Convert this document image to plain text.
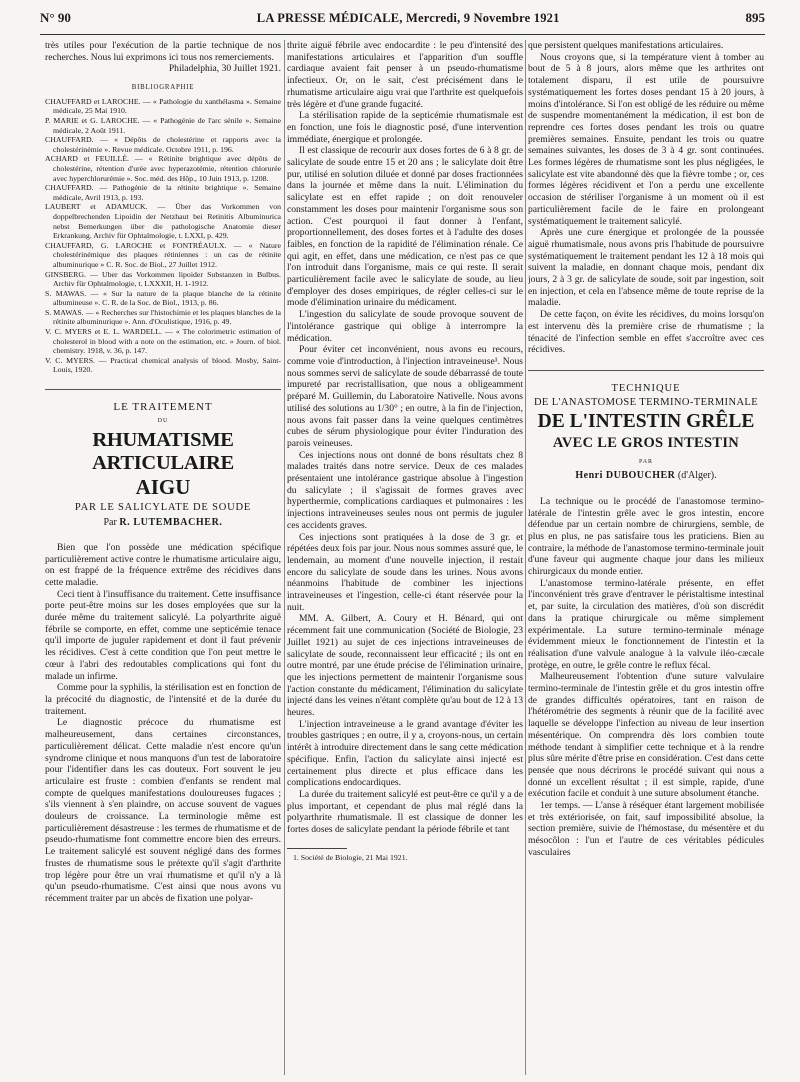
N° 90	LA PRESSE MÉDICALE, Mercredi, 9 Novembre 1921	895

très utiles pour l'exécution de la partie technique de nos recherches. Nous lui exprimons ici tous nos remerciements.

Philadelphia, 30 Juillet 1921.

BIBLIOGRAPHIE

CHAUFFARD et LAROCHE. — « Pathologie du xanthélasma ». Semaine médicale, 25 Mai 1910.

P. MARIE et G. LAROCHE. — « Pathogénie de l'arc sénile ». Semaine médicale, 2 Août 1911.

CHAUFFARD. — « Dépôts de cholestérine et rapports avec la cholestérinémie ». Revue médicale. Octobre 1911, p. 196.

ACHARD et FEUILLÉ. — « Rétinite brightique avec dépôts de cholestérine, rétention d'urée avec hyperazotémie, rétention chlorurée avec hyperchlorurémie ». Soc. méd. des Hôp., 10 Juin 1913, p. 1208.

CHAUFFARD. — Pathogénie de la rétinite brightique ». Semaine médicale, Avril 1913, p. 193.

LAUBERT et ADAMUCK. — Über das Vorkommen von doppelbrechenden Lipoidin der Netzhaut bei Retinitis Albuminurica nebst Bemerkungen über die pathologische Anatomie dieser Erkrankung. Archiv für Ophtalmologie, t. LXXI, p. 429.

CHAUFFARD, G. LAROCHE et FONTRÉAULX. — « Nature cholestérinémique des plaques rétiniennes : un cas de rétinite albuminurique » C. R. Soc. de Biol., 27 Juillet 1912.

GINSBERG. — Uber das Vorkommen lipoider Substanzen in Bulbus. Archiv für Ophtalmologie, t. LXXXII, H. 1-1912.

S. MAWAS. — « Sur la nature de la plaque blanche de la rétinite albumineuse ». C. R. de la Soc. de Biol., 1913, p. 86.

S. MAWAS. — « Recherches sur l'histochimie et les plaques blanches de la rétinite albuminurique ». Ann. d'Oculistique, 1916, p. 49.

V. C. MYERS et E. L. WARDELL. — « The colorimetric estimation of cholesterol in blood with a note on the estimation, etc. » Journ. of biol. chemistry. 1918, v. 36, p. 147.

V. C. MYERS. — Practical chemical analysis of blood. Mosby, Saint-Louis, 1920.

LE TRAITEMENT
DU
RHUMATISME ARTICULAIRE
AIGU
PAR LE SALICYLATE DE SOUDE
Par R. LUTEMBACHER.

Bien que l'on possède une médication spécifique particulièrement active contre le rhumatisme articulaire aigu, on est frappé de la fréquence extrême des récidives dans cette maladie.

Ceci tient à l'insuffisance du traitement. Cette insuffisance porte peut-être moins sur les doses employées que sur la durée même du traitement salicylé. La polyarthrite aiguë fébrile se comporte, en effet, comme une septicémie tenace qu'il importe de juguler rapidement et dont il faut prévenir les récidives. C'est à cette condition que l'on peut mettre le cœur à l'abri des redoutables complications qui font du malade un infirme.

Comme pour la syphilis, la stérilisation est en fonction de la précocité du diagnostic, de l'intensité et de la durée du traitement.

Le diagnostic précoce du rhumatisme est malheureusement, dans certaines circonstances, particulièrement délicat. Cette maladie n'est encore qu'un syndrome clinique et nous manquons d'un test de laboratoire pour l'identifier dans les cas douteux. Fort souvent le jeu articulaire est fruste : combien d'enfants se rendent mal compte de quelques manifestations douloureuses fugaces ; s'ils viennent à s'en plaindre, on accuse souvent de vagues douleurs de croissance. La terminologie même est particulièrement désastreuse : les termes de rhumatisme et de pseudo-rhumatisme font commettre encore bien des erreurs. Le traitement salicylé est souvent négligé dans des formes frustes de rhumatisme sous le prétexte qu'il s'agit d'arthrite trop légère pour être un vrai rhumatisme et qu'il n'y a là qu'un pseudo-rhumatisme. C'est ainsi que nous avons vu récemment traiter par un abcès de fixation une polyar-

thrite aiguë fébrile avec endocardite : le peu d'intensité des manifestations articulaires et l'apparition d'un souffle cardiaque avaient fait penser à un pseudo-rhumatisme infectieux. Or, on le sait, c'est précisément dans le rhumatisme articulaire aigu vrai que l'arthrite est quelquefois très légère et d'une grande fugacité.

La stérilisation rapide de la septicémie rhumatismale est en fonction, une fois le diagnostic posé, d'une intervention immédiate, énergique et prolongée.

Il est classique de recourir aux doses fortes de 6 à 8 gr. de salicylate de soude entre 15 et 20 ans ; le salicylate doit être pur, utilisé en solution diluée et donné par doses fractionnées dans la journée et même dans la nuit. L'élimination du salicylate est en effet rapide ; on doit renouveler constamment les doses pour maintenir l'organisme sous son action. C'est pourquoi il faut donner à l'enfant, proportionnellement, des doses fortes et à l'adulte des doses faibles, en fonction de la rapidité de l'élimination rénale. Ce qui agit, en effet, dans une médication, ce n'est pas ce que l'on introduit dans l'organisme, mais ce qui reste. Il serait particulièrement facile avec le salicylate de soude, au lieu d'employer des doses empiriques, de régler celles-ci sur le mode d'élimination urinaire du médicament.

L'ingestion du salicylate de soude provoque souvent de l'intolérance gastrique qui oblige à interrompre la médication.

Pour éviter cet inconvénient, nous avons eu recours, comme voie d'introduction, à l'injection intraveineuse¹. Nous nous sommes servi de salicylate de soude débarrassé de toute impureté par recristallisation, que nous a obligeamment préparé M. Guillemin, du Laboratoire Nativelle. Nous avons utilisé des solutions au 1/30° ; en outre, à la fin de l'injection, nous avons fait passer dans la veine quelques centimètres cubes de sérum physiologique pour éviter l'induration des parois veineuses.

Ces injections nous ont donné de bons résultats chez 8 malades traités dans notre service. Deux de ces malades présentaient une intolérance gastrique absolue à l'ingestion du salicylate ; il s'agissait de formes graves avec hyperthermie, complications cardiaques et pulmonaires : les injections intraveineuses seules nous ont permis de juguler ces accidents graves.

Ces injections sont pratiquées à la dose de 3 gr. et répétées deux fois par jour. Nous nous sommes assuré que, le lendemain, au moment d'une nouvelle injection, il restait encore du salicylate de soude dans les urines. Nous avons néanmoins l'habitude de combiner les injections intraveineuses et l'ingestion, celle-ci étant réservée pour la nuit.

MM. A. Gilbert, A. Coury et H. Bénard, qui ont récemment fait une communication (Société de Biologie, 23 Juillet 1921) au sujet de ces injections intraveineuses de salicylate de soude, reconnaissent leur efficacité ; ils ont en outre montré, par une étude précise de l'élimination urinaire, que les injections permettent de maintenir l'organisme sous l'action constante du médicament, l'élimination du salicylate injecté dans les veines n'étant complète qu'au bout de 12 à 13 heures.

L'injection intraveineuse a le grand avantage d'éviter les troubles gastriques ; en outre, il y a, croyons-nous, un certain intérêt à introduire directement dans le sang cette médication spécifique. Enfin, l'action du salicylate ainsi injecté est certainement plus directe et plus efficace dans les complications endocardiques.

La durée du traitement salicylé est peut-être ce qu'il y a de plus important, et cependant de plus mal réglé dans la polyarthrite rhumatismale. Il est classique de donner les fortes doses de salicylate pendant la période fébrile et tant

1. Société de Biologie, 21 Mai 1921.

que persistent quelques manifestations articulaires.

Nous croyons que, si la température vient à tomber au bout de 5 à 8 jours, alors même que les arthrites ont totalement disparu, il est utile de poursuivre systématiquement les fortes doses pendant 15 à 20 jours, à moins d'intolérance. Si l'on est obligé de les réduire ou même de suspendre momentanément la médication, il est bon de reprendre ces fortes doses pendant les trois ou quatre premières semaines. Ensuite, pendant les trois ou quatre semaines suivantes, les doses de 3 à 4 gr. sont continuées. Les formes légères de rhumatisme sont les plus négligées, le salicylate est vite abandonné dès que la fièvre tombe ; or, ces formes légères récidivent et l'on a perdu une excellente occasion de stériliser l'organisme à un moment où il est particulièrement facile de le faire en prolongeant systématiquement le traitement salicylé.

Après une cure énergique et prolongée de la poussée aiguë rhumatismale, nous avons pris l'habitude de poursuivre systématiquement le traitement pendant les 12 à 18 mois qui suivent la maladie, en donnant chaque mois, pendant dix jours, 2 à 3 gr. de salicylate de soude, soit par ingestion, soit en injection, et cela en l'absence même de toute reprise de la maladie.

De cette façon, on évite les récidives, du moins lorsqu'on est intervenu dès la première crise de rhumatisme ; la ténacité de l'infection semble en effet s'accroître avec ces récidives.

TECHNIQUE
DE L'ANASTOMOSE TERMINO-TERMINALE
DE L'INTESTIN GRÊLE
AVEC LE GROS INTESTIN
PAR
Henri DUBOUCHER (d'Alger).

La technique ou le procédé de l'anastomose termino-latérale de l'intestin grêle avec le gros intestin, encore défendue par un certain nombre de chirurgiens, semble, de plus en plus, ne pas satisfaire tous les praticiens. Bien au contraire, la méthode de l'anastomose termino-terminale jouit d'une faveur qui augmente chaque jour dans les milieux chirurgicaux du monde entier.

L'anastomose termino-latérale présente, en effet l'inconvénient très grave d'entraver le péristaltisme intestinal et, par suite, la circulation des matières, d'où son discrédit dans la pratique chirurgicale ou même simplement expérimentale. La suture termino-terminale ménage évidemment mieux le fonctionnement de l'intestin et la réalisation d'une valvule analogue à la valvule iléo-cæcale protège, en outre, le grêle contre le reflux fécal.

Malheureusement l'obtention d'une suture valvulaire termino-terminale de l'intestin grêle et du gros intestin offre de grandes difficultés opératoires, tant en raison de l'hétérométrie des segments à réunir que de la facilité avec laquelle se développe l'infection au niveau de leur insertion mésentérique. On comprendra dès lors combien toute méthode tendant à simplifier cette technique et à la rendre plus sûre mérite d'être prise en considération. C'est dans cette pensée que nous décrirons le procédé suivant qui nous a donné un excellent résultat ; il est simple, rapide, d'une exécution facile et conduit à une suture absolument étanche.

1er temps. — L'anse à réséquer étant largement mobilisée et très extériorisée, on fait, sauf impossibilité absolue, la section première, suivie de l'hémostase, du mésentère et du mésocôlon : l'un et l'autre de ces véritables pédicules vasculaires
